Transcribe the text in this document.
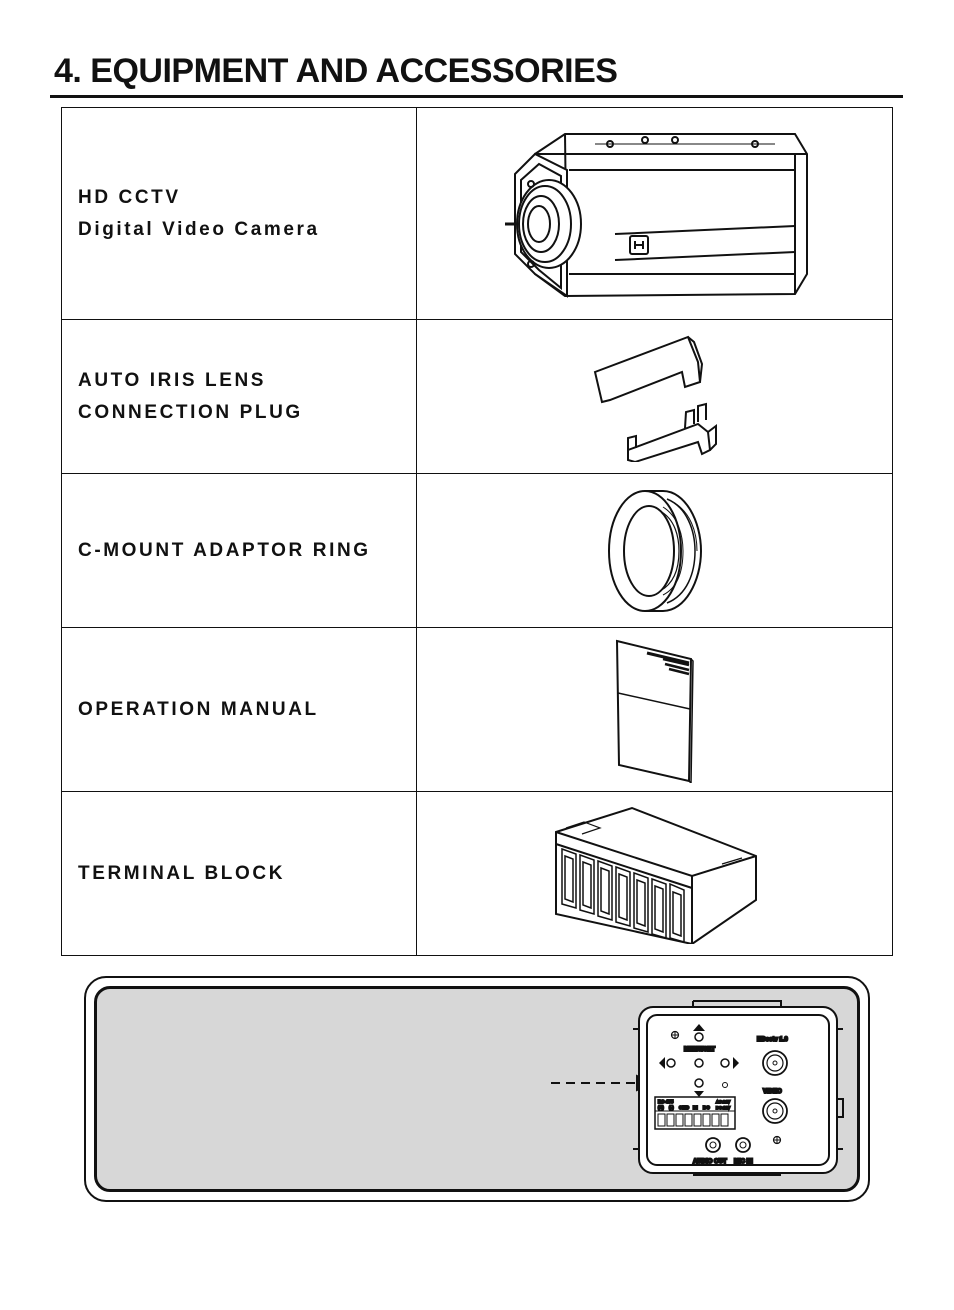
4. EQUIPMENT AND ACCESSORIES
HD CCTV
Digital Video Camera

AUTO IRIS LENS
CONNECTION PLUG

C-MOUNT ADAPTOR RING

OPERATION MANUAL

TERMINAL BLOCK

MENU/SET
HDcctv 1.0
VIDEO
RS-485
(+) (-) GND DI DO
AC 24V
DC 12V
AUDIO OUT MIC IN
